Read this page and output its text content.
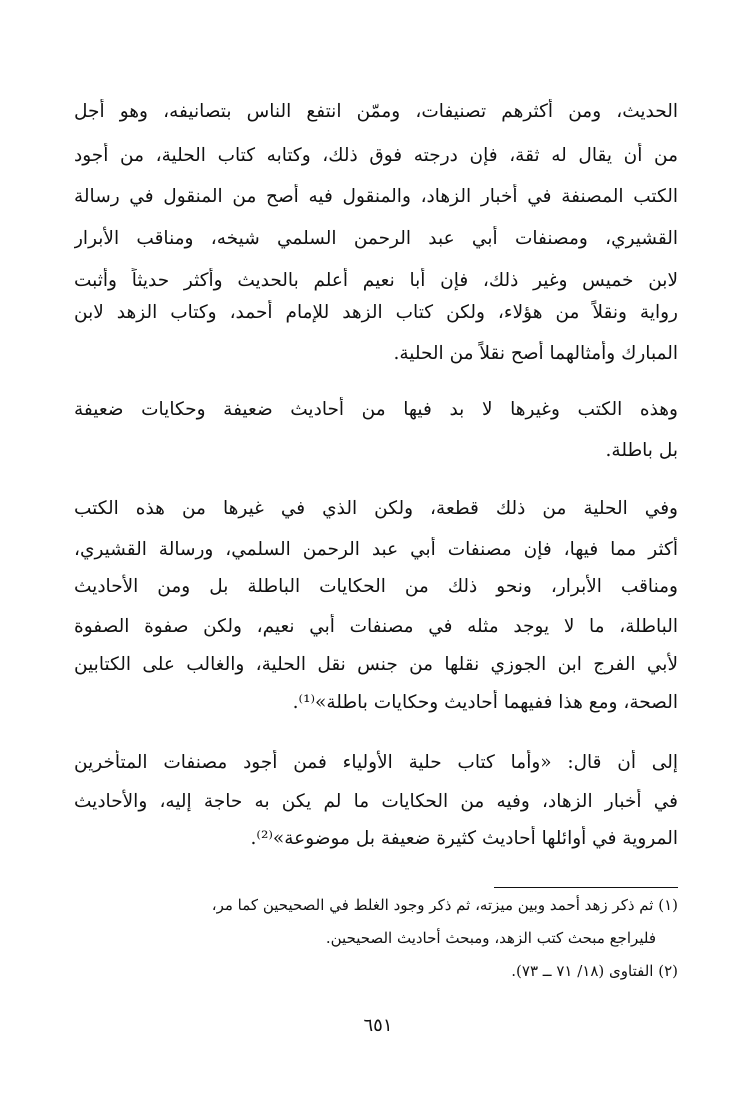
الحديث، ومن أكثرهم تصنيفات، وممّن انتفع الناس بتصانيفه، وهو أجل
من أن يقال له ثقة، فإن درجته فوق ذلك، وكتابه كتاب الحلية، من أجود
الكتب المصنفة في أخبار الزهاد، والمنقول فيه أصح من المنقول في رسالة
القشيري، ومصنفات أبي عبد الرحمن السلمي شيخه، ومناقب الأبرار
لابن خميس وغير ذلك، فإن أبا نعيم أعلم بالحديث وأكثر حديثاً وأثبت
رواية ونقلاً من هؤلاء، ولكن كتاب الزهد للإمام أحمد، وكتاب الزهد لابن
المبارك وأمثالهما أصح نقلاً من الحلية.
وهذه الكتب وغيرها لا بد فيها من أحاديث ضعيفة وحكايات ضعيفة
بل باطلة.
وفي الحلية من ذلك قطعة، ولكن الذي في غيرها من هذه الكتب
أكثر مما فيها، فإن مصنفات أبي عبد الرحمن السلمي، ورسالة القشيري،
ومناقب الأبرار، ونحو ذلك من الحكايات الباطلة بل ومن الأحاديث
الباطلة، ما لا يوجد مثله في مصنفات أبي نعيم، ولكن صفوة الصفوة
لأبي الفرج ابن الجوزي نقلها من جنس نقل الحلية، والغالب على الكتابين
الصحة، ومع هذا ففيهما أحاديث وحكايات باطلة»⁽¹⁾.
إلى أن قال: «وأما كتاب حلية الأولياء فمن أجود مصنفات المتأخرين
في أخبار الزهاد، وفيه من الحكايات ما لم يكن به حاجة إليه، والأحاديث
المروية في أوائلها أحاديث كثيرة ضعيفة بل موضوعة»⁽²⁾.
(١) ثم ذكر زهد أحمد وبين ميزته، ثم ذكر وجود الغلط في الصحيحين كما مر،
فليراجع مبحث كتب الزهد، ومبحث أحاديث الصحيحين.
(٢) الفتاوى (١٨/ ٧١ ــ ٧٣).
٦٥١
